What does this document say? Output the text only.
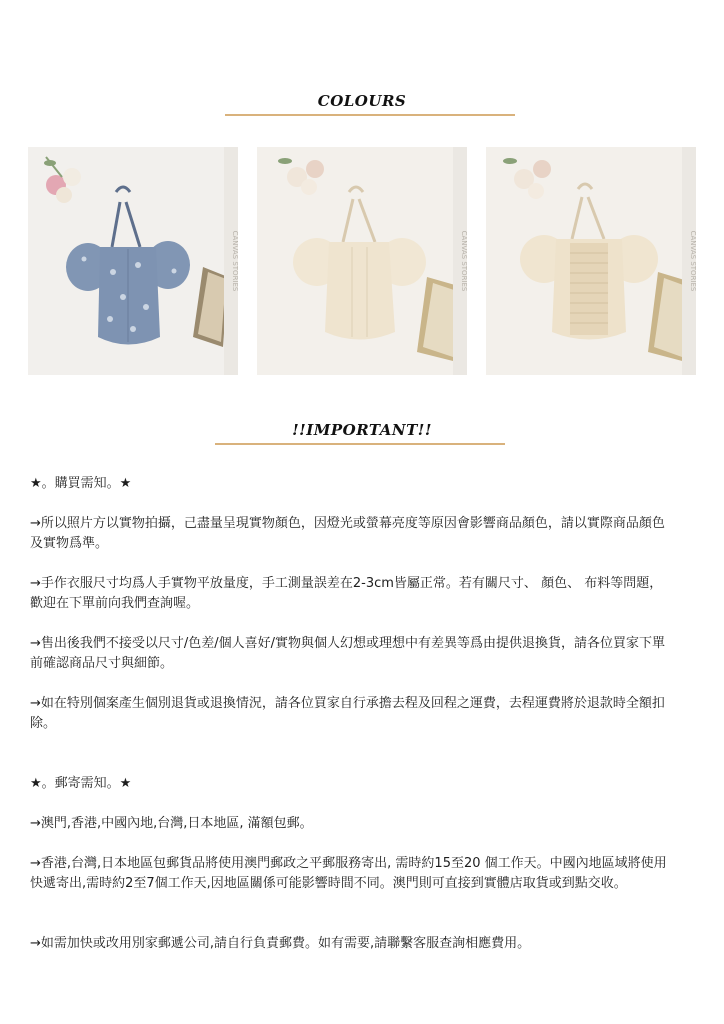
COLOURS
CANVAS STORIES	CANVAS STORIES	CANVAS STORIES
!!IMPORTANT!!

★。購買需知。★

→所以照片方以實物拍攝，己盡量呈現實物顏色，因燈光或螢幕亮度等原因會影響商品顏色，請以實際商品顏色及實物爲準。

→手作衣服尺寸均爲人手實物平放量度，手工測量誤差在2-3cm皆屬正常。若有關尺寸、 顏色、 布料等問題，歡迎在下單前向我們查詢喔。

→售出後我們不接受以尺寸/色差/個人喜好/實物與個人幻想或理想中有差異等爲由提供退換貨，請各位買家下單前確認商品尺寸與細節。

→如在特別個案產生個別退貨或退換情況，請各位買家自行承擔去程及回程之運費，去程運費將於退款時全額扣除。

★。郵寄需知。★

→澳門,香港,中國內地,台灣,日本地區, 滿額包郵。

→香港,台灣,日本地區包郵貨品將使用澳門郵政之平郵服務寄出, 需時約15至20 個工作天。中國內地區域將使用快遞寄出,需時約2至7個工作天,因地區關係可能影響時間不同。澳門則可直接到實體店取貨或到點交收。

→如需加快或改用別家郵遞公司,請自行負責郵費。如有需要,請聯繫客服查詢相應費用。
